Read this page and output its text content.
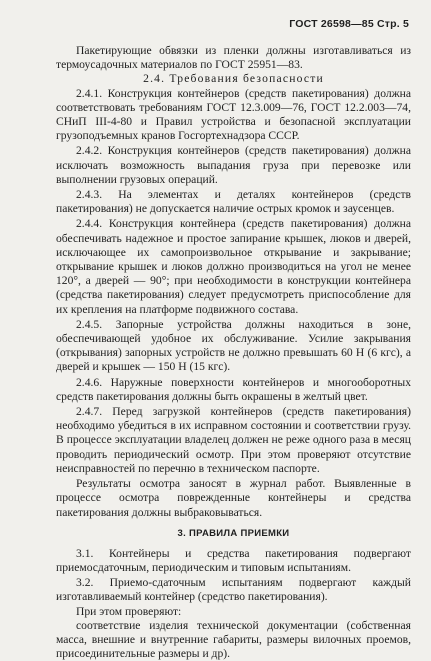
ГОСТ 26598—85 Стр. 5

Пакетирующие обвязки из пленки должны изготавливаться из термоусадочных материалов по ГОСТ 25951—83.

2.4. Требования безопасности

2.4.1. Конструкция контейнеров (средств пакетирования) должна соответствовать требованиям ГОСТ 12.3.009—76, ГОСТ 12.2.003—74, СНиП III-4-80 и Правил устройства и безопасной эксплуатации грузоподъемных кранов Госгортехнадзора СССР.

2.4.2. Конструкция контейнеров (средств пакетирования) должна исключать возможность выпадания груза при перевозке или выполнении грузовых операций.

2.4.3. На элементах и деталях контейнеров (средств пакетирования) не допускается наличие острых кромок и заусенцев.

2.4.4. Конструкция контейнера (средств пакетирования) должна обеспечивать надежное и простое запирание крышек, люков и дверей, исключающее их самопроизвольное открывание и закрывание; открывание крышек и люков должно производиться на угол не менее 120°, а дверей — 90°; при необходимости в конструкции контейнера (средства пакетирования) следует предусмотреть приспособление для их крепления на платформе подвижного состава.

2.4.5. Запорные устройства должны находиться в зоне, обеспечивающей удобное их обслуживание. Усилие закрывания (открывания) запорных устройств не должно превышать 60 Н (6 кгс), а дверей и крышек — 150 Н (15 кгс).

2.4.6. Наружные поверхности контейнеров и многооборотных средств пакетирования должны быть окрашены в желтый цвет.

2.4.7. Перед загрузкой контейнеров (средств пакетирования) необходимо убедиться в их исправном состоянии и соответствии грузу. В процессе эксплуатации владелец должен не реже одного раза в месяц проводить периодический осмотр. При этом проверяют отсутствие неисправностей по перечню в техническом паспорте.

Результаты осмотра заносят в журнал работ. Выявленные в процессе осмотра поврежденные контейнеры и средства пакетирования должны выбраковываться.

3. ПРАВИЛА ПРИЕМКИ

3.1. Контейнеры и средства пакетирования подвергают приемосдаточным, периодическим и типовым испытаниям.

3.2. Приемо-сдаточным испытаниям подвергают каждый изготавливаемый контейнер (средство пакетирования).

При этом проверяют:

соответствие изделия технической документации (собственная масса, внешние и внутренние габариты, размеры вилочных проемов, присоединительные размеры и др).
